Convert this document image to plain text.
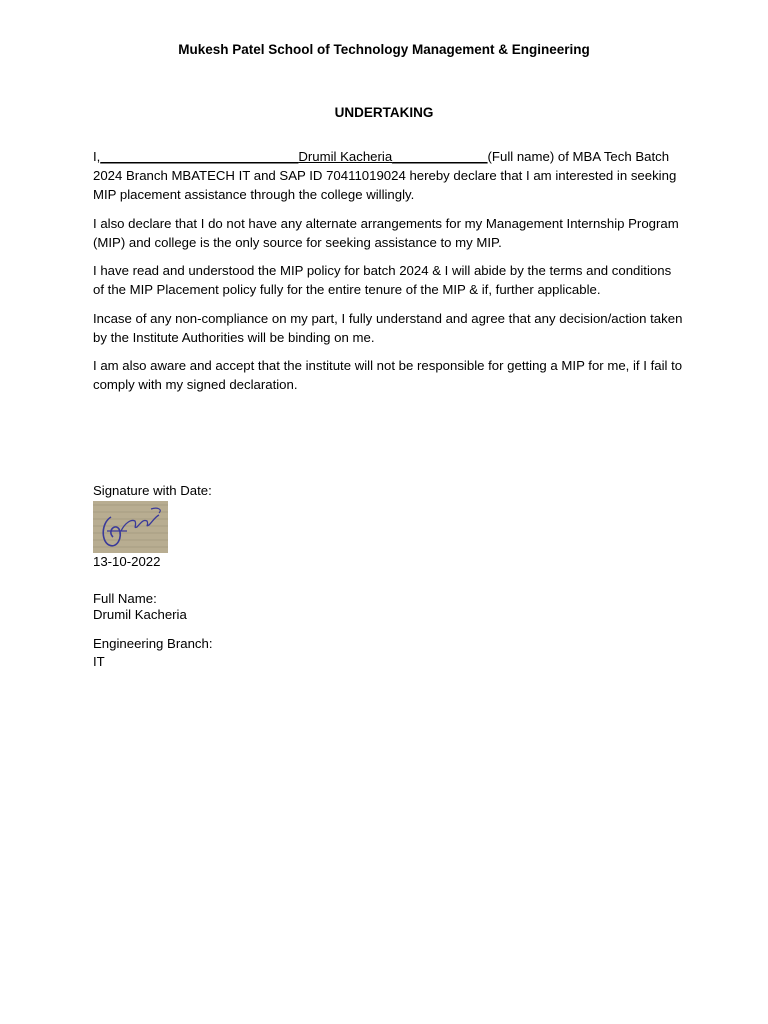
Mukesh Patel School of Technology Management & Engineering
UNDERTAKING

I,___________________________Drumil Kacheria_____________(Full name) of MBA Tech Batch 2024 Branch MBATECH IT and SAP ID 70411019024 hereby declare that I am interested in seeking MIP placement assistance through the college willingly.

I also declare that I do not have any alternate arrangements for my Management Internship Program (MIP) and college is the only source for seeking assistance to my MIP.

I have read and understood the MIP policy for batch 2024 & I will abide by the terms and conditions of the MIP Placement policy fully for the entire tenure of the MIP & if, further applicable.

Incase of any non-compliance on my part, I fully understand and agree that any decision/action taken by the Institute Authorities will be binding on me.

I am also aware and accept that the institute will not be responsible for getting a MIP for me, if I fail to comply with my signed declaration.

Signature with Date:
13-10-2022
Full Name:
Drumil Kacheria
Engineering Branch:
IT
